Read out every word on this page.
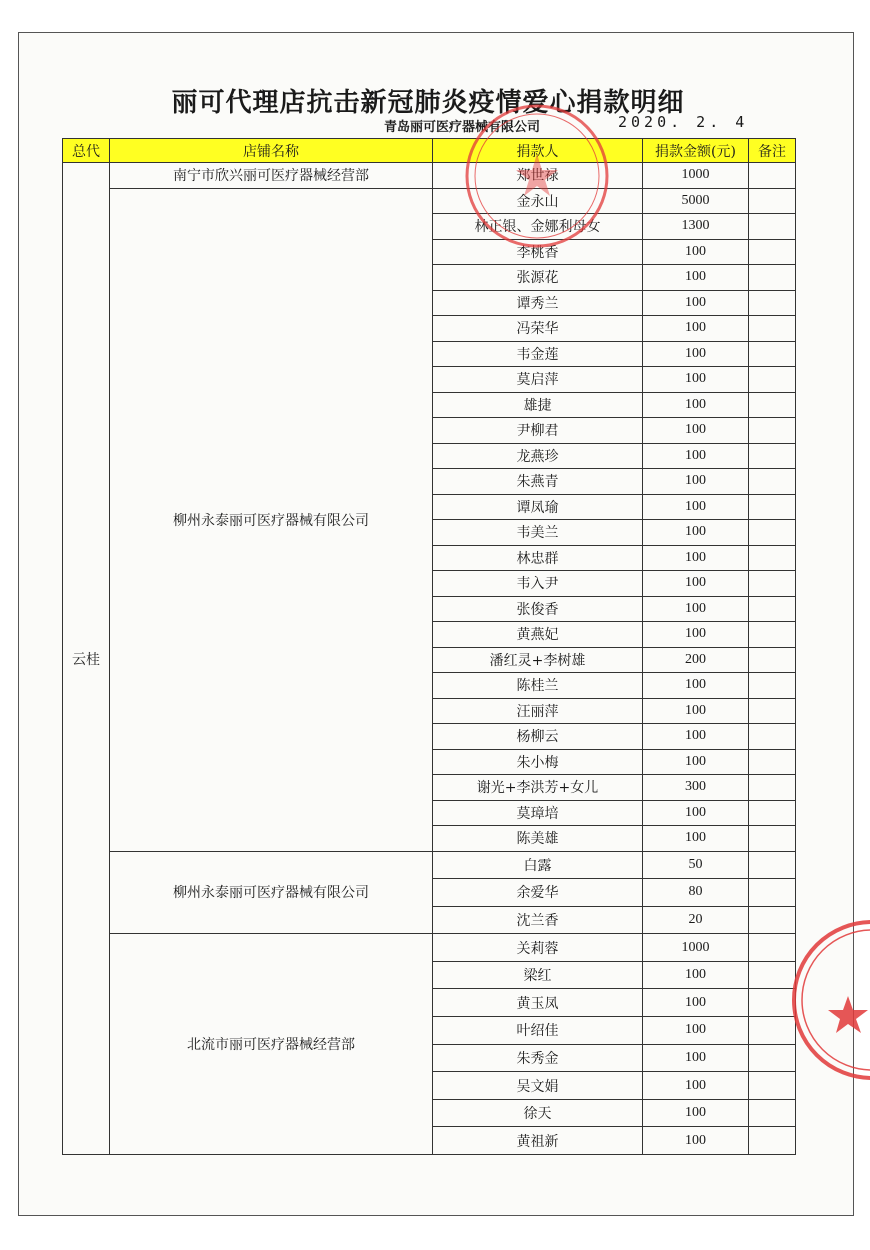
丽可代理店抗击新冠肺炎疫情爱心捐款明细
青岛丽可医疗器械有限公司	2020. 2. 4
总代	店铺名称	捐款人	捐款金额(元)	备注
云桂	南宁市欣兴丽可医疗器械经营部	郑世禄	1000	
	柳州永泰丽可医疗器械有限公司	金永山	5000	
		林正银、金娜利母女	1300	
		李桃香	100	
		张源花	100	
		谭秀兰	100	
		冯荣华	100	
		韦金莲	100	
		莫启萍	100	
		雄捷	100	
		尹柳君	100	
		龙燕珍	100	
		朱燕青	100	
		谭凤瑜	100	
		韦美兰	100	
		林忠群	100	
		韦入尹	100	
		张俊香	100	
		黄燕妃	100	
		潘红灵+李树雄	200	
		陈桂兰	100	
		汪丽萍	100	
		杨柳云	100	
		朱小梅	100	
		谢光+李洪芳+女儿	300	
		莫璋培	100	
		陈美雄	100	
	柳州永泰丽可医疗器械有限公司	白露	50	
		余爱华	80	
		沈兰香	20	
	北流市丽可医疗器械经营部	关莉蓉	1000	
		梁红	100	
		黄玉凤	100	
		叶绍佳	100	
		朱秀金	100	
		吴文娟	100	
		徐天	100	
		黄祖新	100	
